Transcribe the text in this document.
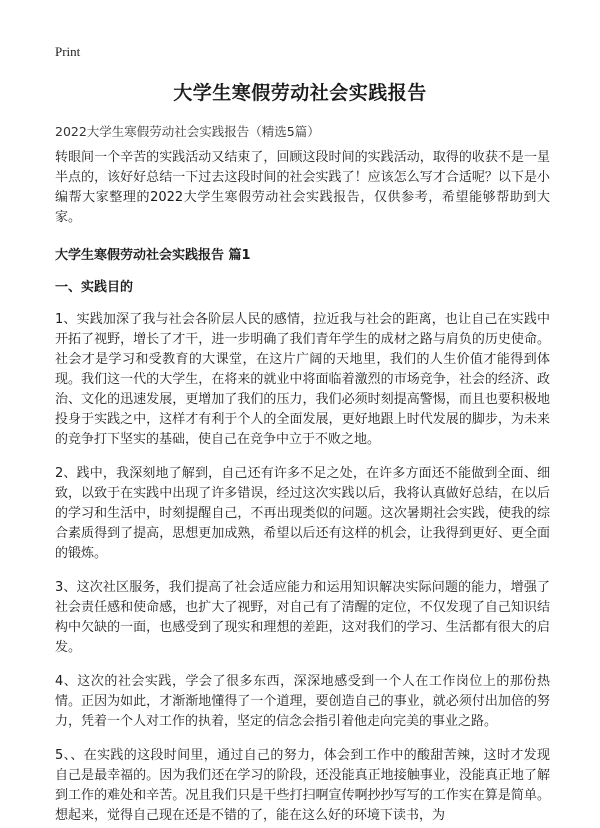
Print
大学生寒假劳动社会实践报告

2022大学生寒假劳动社会实践报告（精选5篇）

转眼间一个辛苦的实践活动又结束了，回顾这段时间的实践活动，取得的收获不是一星半点的，该好好总结一下过去这段时间的社会实践了！应该怎么写才合适呢？以下是小编帮大家整理的2022大学生寒假劳动社会实践报告，仅供参考，希望能够帮助到大家。

大学生寒假劳动社会实践报告 篇1

一、实践目的

1、实践加深了我与社会各阶层人民的感情，拉近我与社会的距离，也让自己在实践中开拓了视野，增长了才干，进一步明确了我们青年学生的成材之路与肩负的历史使命。社会才是学习和受教育的大课堂，在这片广阔的天地里，我们的人生价值才能得到体现。我们这一代的大学生，在将来的就业中将面临着激烈的市场竞争，社会的经济、政治、文化的迅速发展，更增加了我们的压力，我们必须时刻提高警惕，而且也要积极地投身于实践之中，这样才有利于个人的全面发展，更好地跟上时代发展的脚步，为未来的竞争打下坚实的基础，使自己在竞争中立于不败之地。

2、践中，我深刻地了解到，自己还有许多不足之处，在许多方面还不能做到全面、细致，以致于在实践中出现了许多错误，经过这次实践以后，我将认真做好总结，在以后的学习和生活中，时刻提醒自己，不再出现类似的问题。这次暑期社会实践，使我的综合素质得到了提高，思想更加成熟，希望以后还有这样的机会，让我得到更好、更全面的锻炼。

3、这次社区服务，我们提高了社会适应能力和运用知识解决实际问题的能力，增强了社会责任感和使命感，也扩大了视野，对自己有了清醒的定位，不仅发现了自己知识结构中欠缺的一面，也感受到了现实和理想的差距，这对我们的学习、生活都有很大的启发。

4、这次的社会实践，学会了很多东西，深深地感受到一个人在工作岗位上的那份热情。正因为如此，才渐渐地懂得了一个道理，要创造自己的事业，就必须付出加倍的努力，凭着一个人对工作的执着，坚定的信念会指引着他走向完美的事业之路。

5、、在实践的这段时间里，通过自己的努力，体会到工作中的酸甜苦辣，这时才发现自己是最幸福的。因为我们还在学习的阶段，还没能真正地接触事业，没能真正地了解到工作的难处和辛苦。况且我们只是干些打扫啊宣传啊抄抄写写的工作实在算是简单。想起来，觉得自己现在还是不错的了，能在这么好的环境下读书，为
